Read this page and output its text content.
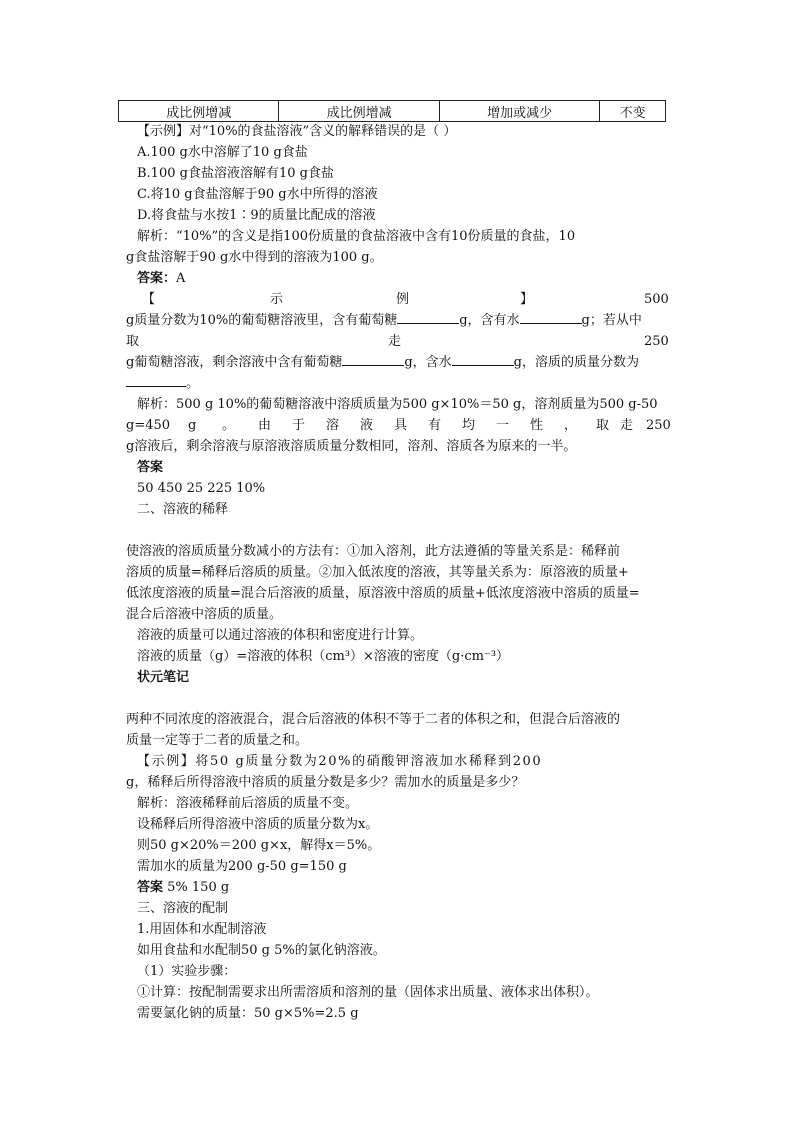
成比例增减	成比例增减	增加或减少	不变
【示例】对“10%的食盐溶液”含义的解释错误的是（ ）
A.100 g水中溶解了10 g食盐
B.100 g食盐溶液溶解有10 g食盐
C.将10 g食盐溶解于90 g水中所得的溶液
D.将食盐与水按1∶9的质量比配成的溶液
解析：“10%”的含义是指100份质量的食盐溶液中含有10份质量的食盐，10
g食盐溶解于90 g水中得到的溶液为100 g。
答案：A
【	示	例	】	500
g质量分数为10%的葡萄糖溶液里，含有葡萄糖	g，含有水	g；若从中
取	走	250
g葡萄糖溶液，剩余溶液中含有葡萄糖	g，含水	g，溶质的质量分数为
。
解析：500 g 10%的葡萄糖溶液中溶质质量为500 g×10%＝50 g，溶剂质量为500 g-50
g=450 g 。 由 于 溶 液 具 有 均 一 性 ， 取 走 250
g溶液后，剩余溶液与原溶液溶质质量分数相同，溶剂、溶质各为原来的一半。
答案
50 450 25 225 10%
二、溶液的稀释
使溶液的溶质质量分数减小的方法有：①加入溶剂，此方法遵循的等量关系是：稀释前
溶质的质量=稀释后溶质的质量。②加入低浓度的溶液，其等量关系为：原溶液的质量+
低浓度溶液的质量=混合后溶液的质量，原溶液中溶质的质量+低浓度溶液中溶质的质量=
混合后溶液中溶质的质量。
溶液的质量可以通过溶液的体积和密度进行计算。
溶液的质量（g）=溶液的体积（cm³）×溶液的密度（g·cm⁻³）
状元笔记
两种不同浓度的溶液混合，混合后溶液的体积不等于二者的体积之和，但混合后溶液的
质量一定等于二者的质量之和。
【示例】将50 g质量分数为20%的硝酸钾溶液加水稀释到200
g，稀释后所得溶液中溶质的质量分数是多少？需加水的质量是多少？
解析：溶液稀释前后溶质的质量不变。
设稀释后所得溶液中溶质的质量分数为x。
则50 g×20%＝200 g×x，解得x＝5%。
需加水的质量为200 g-50 g=150 g
答案 5% 150 g
三、溶液的配制
1.用固体和水配制溶液
如用食盐和水配制50 g 5%的氯化钠溶液。
（1）实验步骤：
①计算：按配制需要求出所需溶质和溶剂的量（固体求出质量、液体求出体积）。
需要氯化钠的质量：50 g×5%=2.5 g
